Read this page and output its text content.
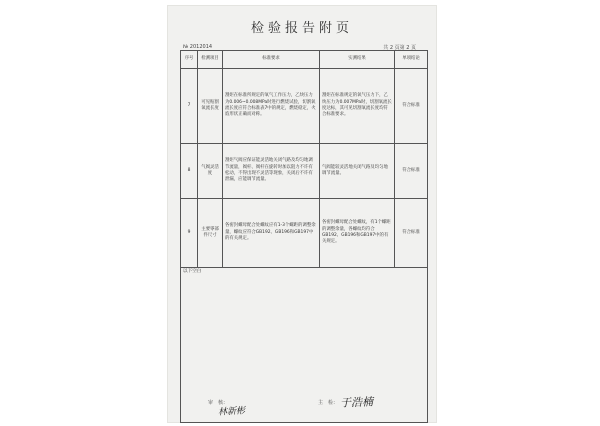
检验报告附页
№ 2012014	共 2 页第 2 页
序号	检测项目	标准要求	实测结果	单项结论
7	可见贴割氧流长度	割炬在标准所规定的氧气工作压力，乙炔压力为0.006~0.008MPa时进行燃烧试验，切割氧流长度应符合标准表7中的规定，燃烧稳定，火焰形状正确而对称。	割炬在标准规定的氧气压力下，乙炔压力为0.007MPa时，切割氧流长度达标，其可见切割氧流长度均符合标准要求。	符合标准
8	气阀灵活度	割炬气阀应保证能灵活地关闭气路及均匀地调节流量，阀杆、阀杆在旋转时加以阻力不许有松动，不得出现不灵活等现象，关闭后不许有泄漏，应能调节流量。	气阀能较灵活地关闭气路及均匀地调节流量。	符合标准
9	主要零部件尺寸	各密封螺母配合处螺纹应有1-3个螺距的调整余量，螺纹应符合GB192、GB196和GB197中的有关规定。	各密封螺母配合处螺纹，有1个螺距的调整余量，各螺纹均符合GB192、GB196和GB197中的有关规定。	符合标准
以下空白				
审　核：	主　检：
林新彬
于浩楠
